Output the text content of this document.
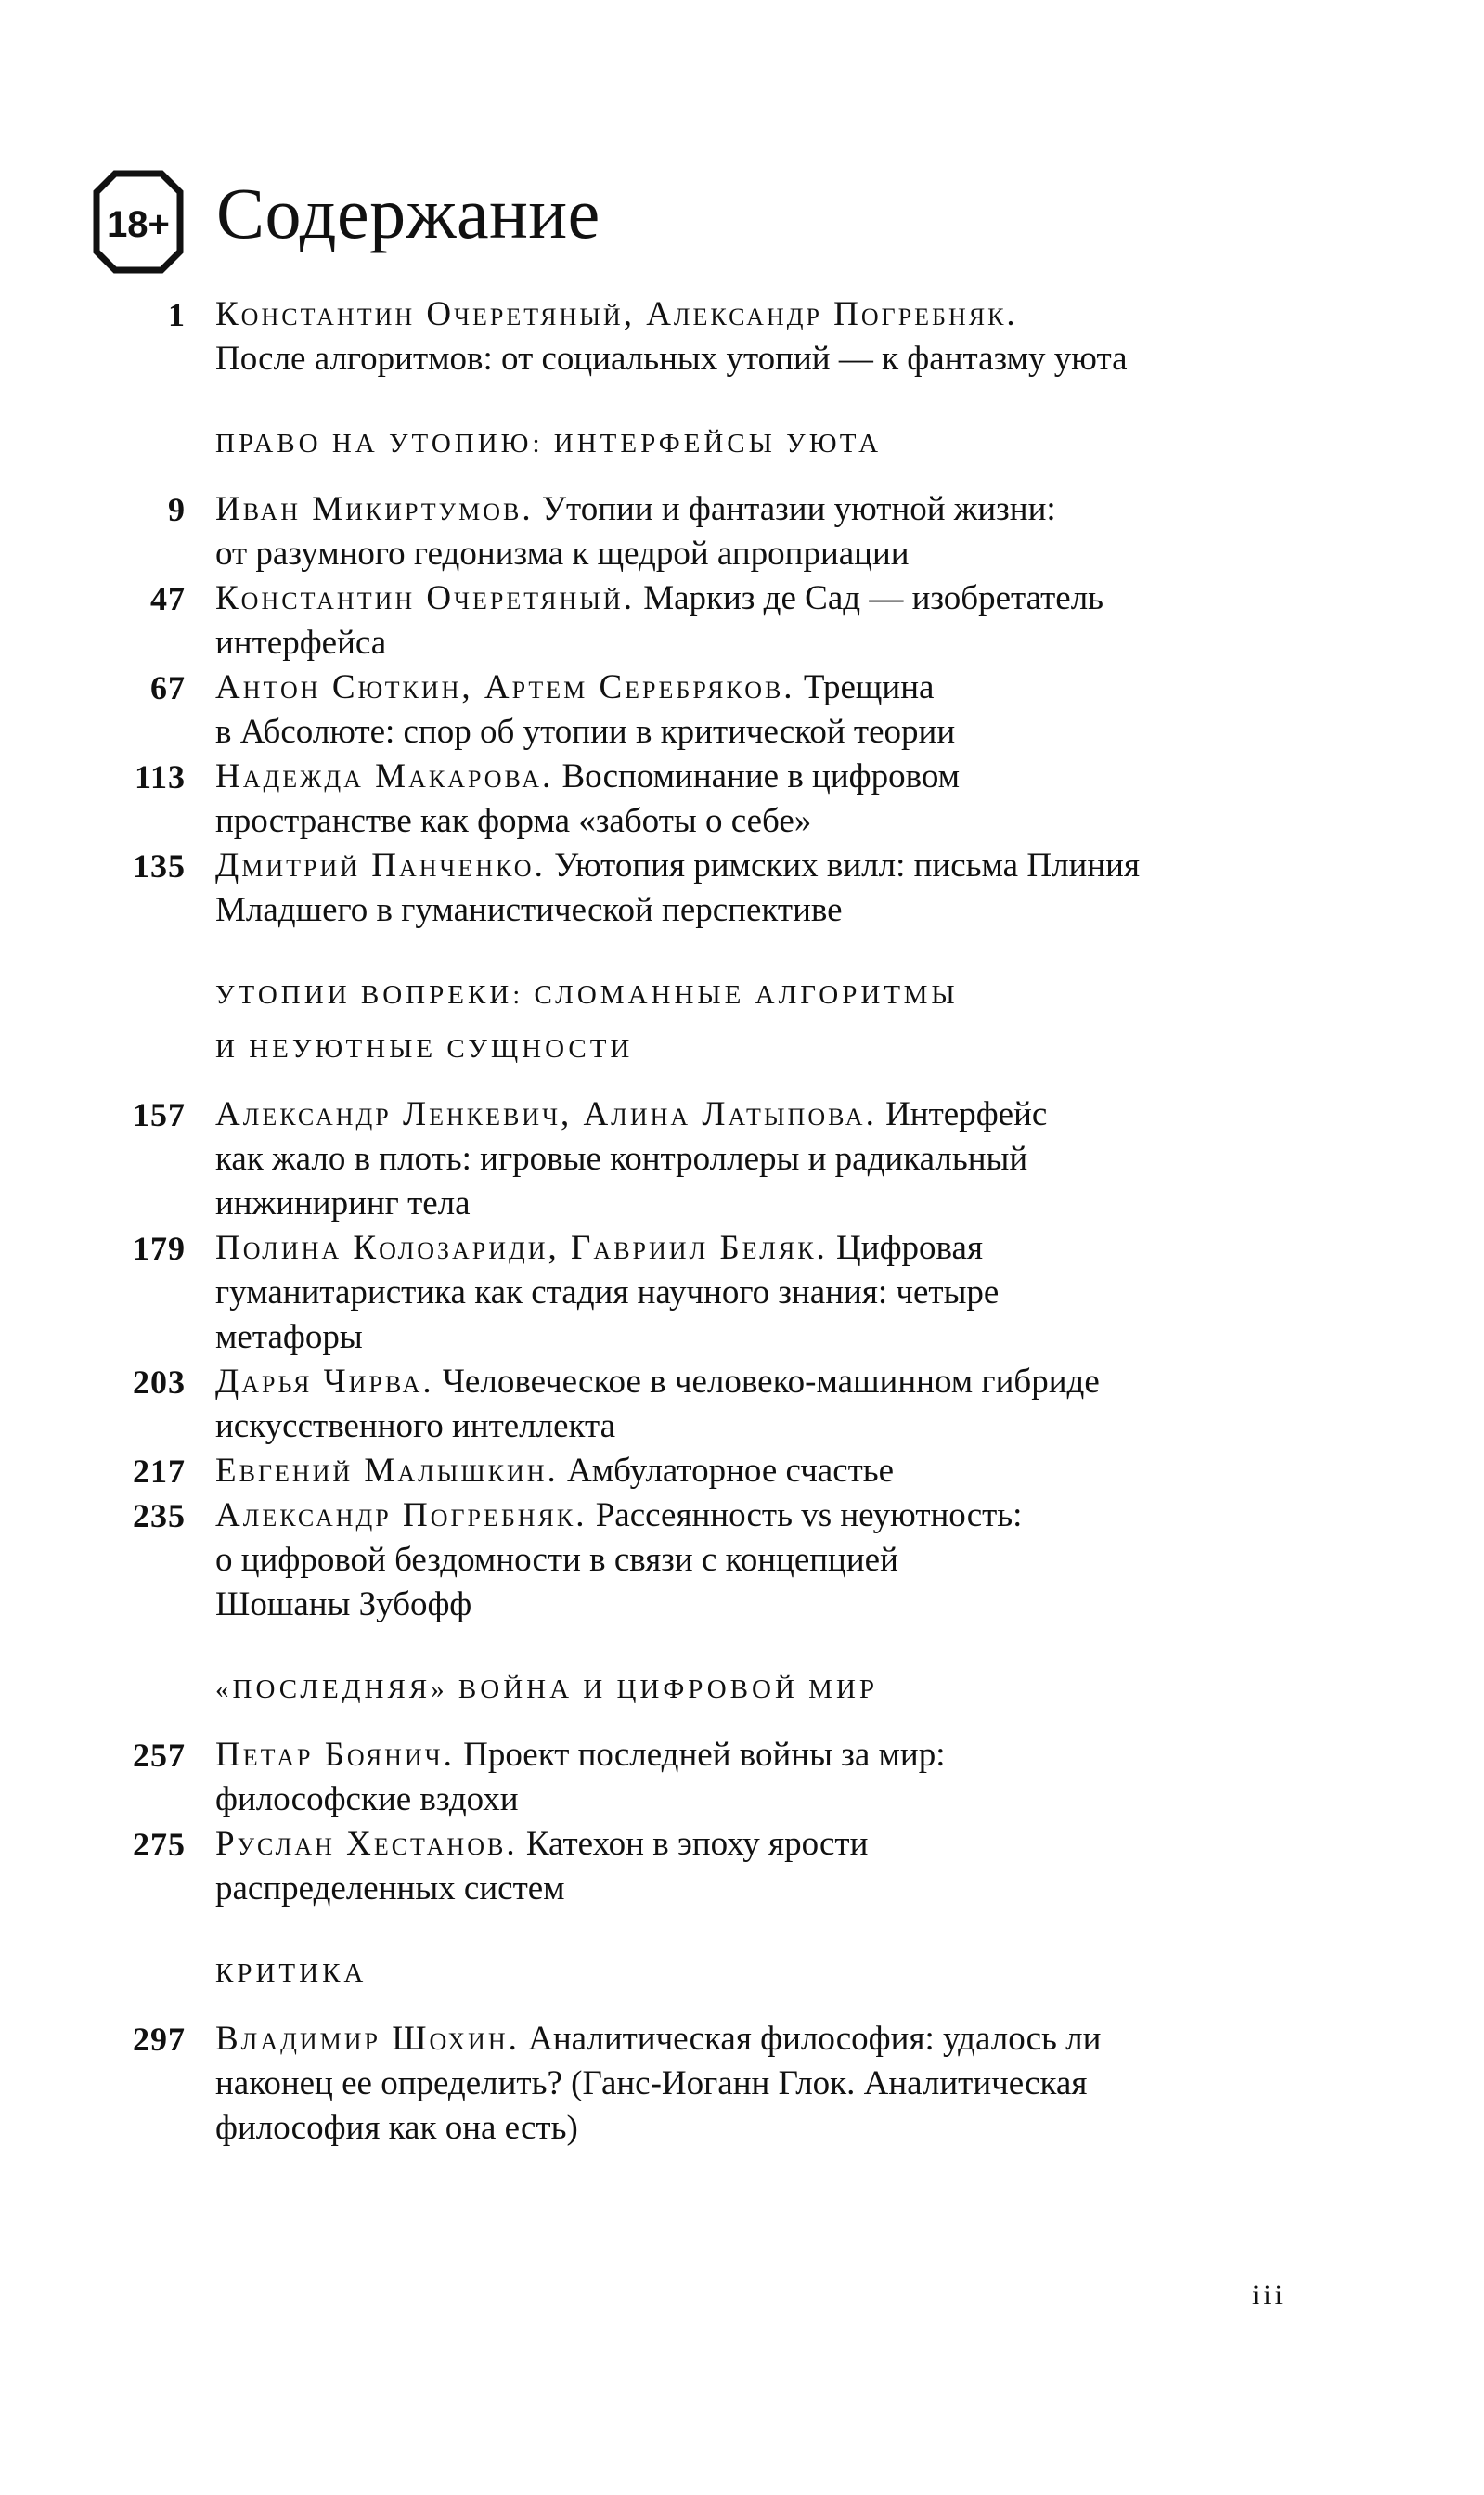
18+ Содержание
1 Константин Очеретяный, Александр Погребняк.
После алгоритмов: от социальных утопий — к фантазму уюта
ПРАВО НА УТОПИЮ: ИНТЕРФЕЙСЫ УЮТА
9 Иван Микиртумов. Утопии и фантазии уютной жизни:
от разумного гедонизма к щедрой апроприации
47 Константин Очеретяный. Маркиз де Сад — изобретатель
интерфейса
67 Антон Сюткин, Артем Серебряков. Трещина
в Абсолюте: спор об утопии в критической теории
113 Надежда Макарова. Воспоминание в цифровом
пространстве как форма «заботы о себе»
135 Дмитрий Панченко. Уютопия римских вилл: письма Плиния
Младшего в гуманистической перспективе
УТОПИИ ВОПРЕКИ: СЛОМАННЫЕ АЛГОРИТМЫ
И НЕУЮТНЫЕ СУЩНОСТИ
157 Александр Ленкевич, Алина Латыпова. Интерфейс
как жало в плоть: игровые контроллеры и радикальный
инжиниринг тела
179 Полина Колозариди, Гавриил Беляк. Цифровая
гуманитаристика как стадия научного знания: четыре
метафоры
203 Дарья Чирва. Человеческое в человеко-машинном гибриде
искусственного интеллекта
217 Евгений Малышкин. Амбулаторное счастье
235 Александр Погребняк. Рассеянность vs неуютность:
о цифровой бездомности в связи с концепцией
Шошаны Зубофф
«ПОСЛЕДНЯЯ» ВОЙНА И ЦИФРОВОЙ МИР
257 Петар Боянич. Проект последней войны за мир:
философские вздохи
275 Руслан Хестанов. Катехон в эпоху ярости
распределенных систем
КРИТИКА
297 Владимир Шохин. Аналитическая философия: удалось ли
наконец ее определить? (Ганс-Иоганн Глок. Аналитическая
философия как она есть)
iii
